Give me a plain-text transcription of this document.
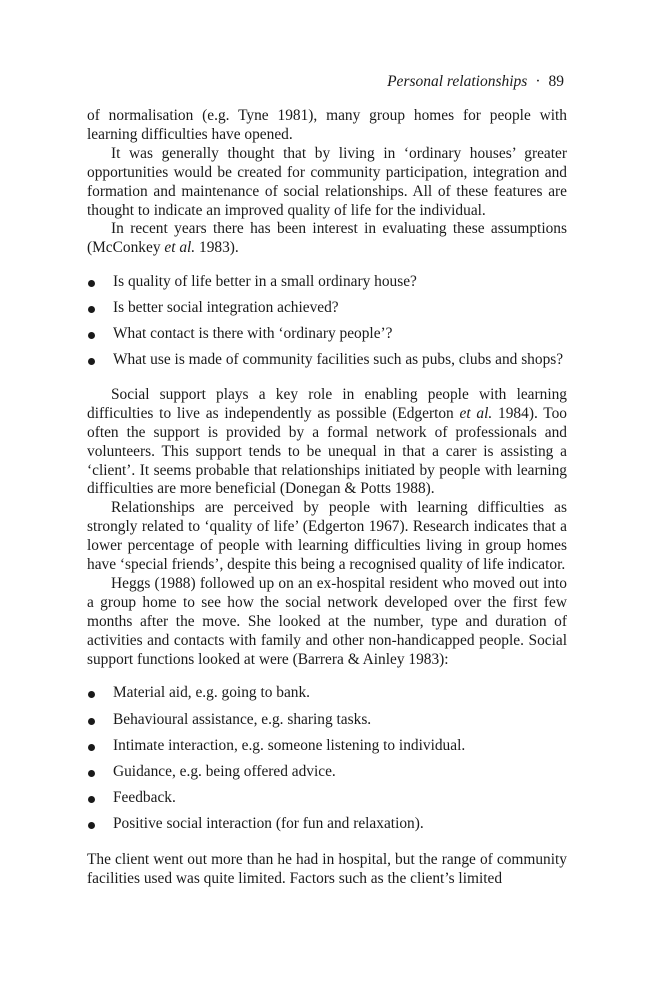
Personal relationships · 89

of normalisation (e.g. Tyne 1981), many group homes for people with learning difficulties have opened.

It was generally thought that by living in ‘ordinary houses’ greater opportunities would be created for community participation, integration and formation and maintenance of social relationships. All of these features are thought to indicate an improved quality of life for the individual.

In recent years there has been interest in evaluating these assumptions (McConkey et al. 1983).

Is quality of life better in a small ordinary house?
Is better social integration achieved?
What contact is there with ‘ordinary people’?
What use is made of community facilities such as pubs, clubs and shops?

Social support plays a key role in enabling people with learning difficulties to live as independently as possible (Edgerton et al. 1984). Too often the support is provided by a formal network of professionals and volunteers. This support tends to be unequal in that a carer is assisting a ‘client’. It seems probable that relationships initiated by people with learning difficulties are more beneficial (Donegan & Potts 1988).

Relationships are perceived by people with learning difficulties as strongly related to ‘quality of life’ (Edgerton 1967). Research indicates that a lower percentage of people with learning difficulties living in group homes have ‘special friends’, despite this being a recognised quality of life indicator.

Heggs (1988) followed up on an ex-hospital resident who moved out into a group home to see how the social network developed over the first few months after the move. She looked at the number, type and duration of activities and contacts with family and other non-handicapped people. Social support functions looked at were (Barrera & Ainley 1983):

Material aid, e.g. going to bank.
Behavioural assistance, e.g. sharing tasks.
Intimate interaction, e.g. someone listening to individual.
Guidance, e.g. being offered advice.
Feedback.
Positive social interaction (for fun and relaxation).

The client went out more than he had in hospital, but the range of community facilities used was quite limited. Factors such as the client’s limited
